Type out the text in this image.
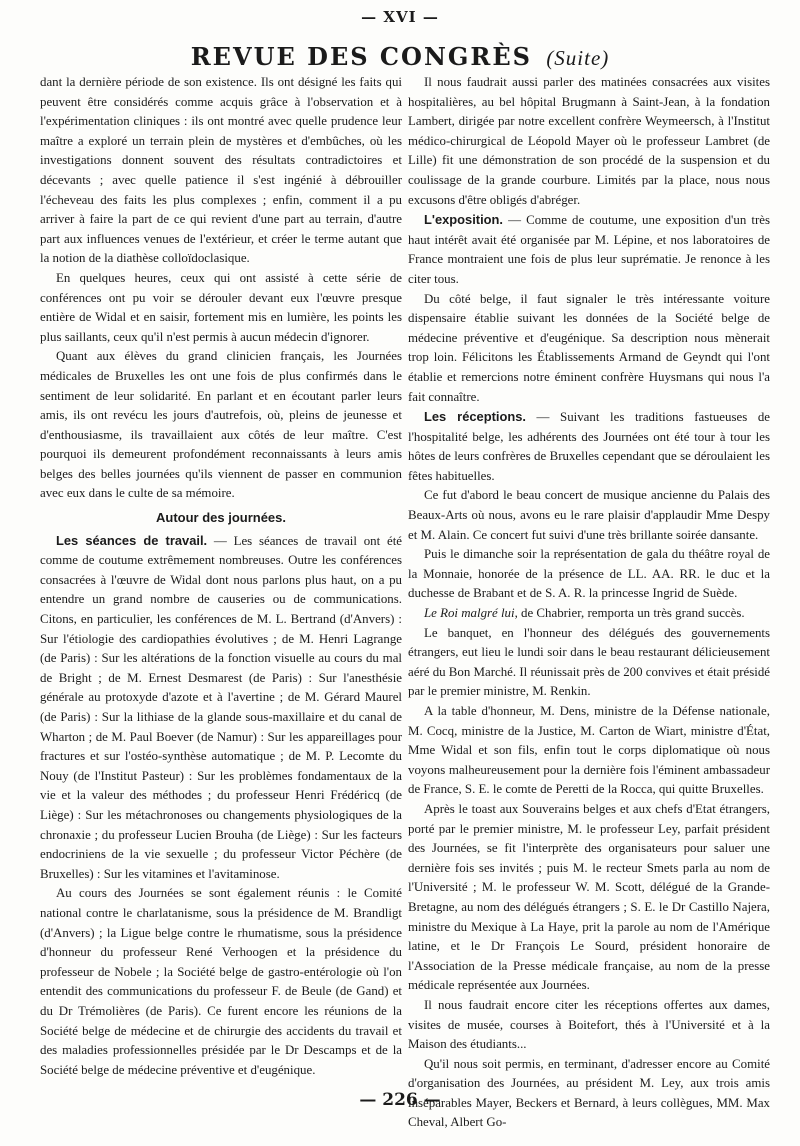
— XVI —
REVUE DES CONGRÈS (Suite)

dant la dernière période de son existence. Ils ont désigné les faits qui peuvent être considérés comme acquis grâce à l'observation et à l'expérimentation cliniques : ils ont montré avec quelle prudence leur maître a exploré un terrain plein de mystères et d'embûches, où les investigations donnent souvent des résultats contradictoires et décevants ; avec quelle patience il s'est ingénié à débrouiller l'écheveau des faits les plus complexes ; enfin, comment il a pu arriver à faire la part de ce qui revient d'une part au terrain, d'autre part aux influences venues de l'extérieur, et créer le terme autant que la notion de la diathèse colloïdoclasique.

En quelques heures, ceux qui ont assisté à cette série de conférences ont pu voir se dérouler devant eux l'œuvre presque entière de Widal et en saisir, fortement mis en lumière, les points les plus saillants, ceux qu'il n'est permis à aucun médecin d'ignorer.

Quant aux élèves du grand clinicien français, les Journées médicales de Bruxelles les ont une fois de plus confirmés dans le sentiment de leur solidarité. En parlant et en écoutant parler leurs amis, ils ont revécu les jours d'autrefois, où, pleins de jeunesse et d'enthousiasme, ils travaillaient aux côtés de leur maître. C'est pourquoi ils demeurent profondément reconnaissants à leurs amis belges des belles journées qu'ils viennent de passer en communion avec eux dans le culte de sa mémoire.

Autour des journées.

Les séances de travail. — Les séances de travail ont été comme de coutume extrêmement nombreuses. Outre les conférences consacrées à l'œuvre de Widal dont nous parlons plus haut, on a pu entendre un grand nombre de causeries ou de communications. Citons, en particulier, les conférences de M. L. Bertrand (d'Anvers) : Sur l'étiologie des cardiopathies évolutives ; de M. Henri Lagrange (de Paris) : Sur les altérations de la fonction visuelle au cours du mal de Bright ; de M. Ernest Desmarest (de Paris) : Sur l'anesthésie générale au protoxyde d'azote et à l'avertine ; de M. Gérard Maurel (de Paris) : Sur la lithiase de la glande sous-maxillaire et du canal de Wharton ; de M. Paul Boever (de Namur) : Sur les appareillages pour fractures et sur l'ostéo-synthèse automatique ; de M. P. Lecomte du Nouy (de l'Institut Pasteur) : Sur les problèmes fondamentaux de la vie et la valeur des méthodes ; du professeur Henri Frédéricq (de Liège) : Sur les métachronoses ou changements physiologiques de la chronaxie ; du professeur Lucien Brouha (de Liège) : Sur les facteurs endocriniens de la vie sexuelle ; du professeur Victor Péchère (de Bruxelles) : Sur les vitamines et l'avitaminose.

Au cours des Journées se sont également réunis : le Comité national contre le charlatanisme, sous la présidence de M. Brandligt (d'Anvers) ; la Ligue belge contre le rhumatisme, sous la présidence d'honneur du professeur René Verhoogen et la présidence du professeur de Nobele ; la Société belge de gastro-entérologie où l'on entendit des communications du professeur F. de Beule (de Gand) et du Dr Trémolières (de Paris). Ce furent encore les réunions de la Société belge de médecine et de chirurgie des accidents du travail et des maladies professionnelles présidée par le Dr Descamps et de la Société belge de médecine préventive et d'eugénique.

Il nous faudrait aussi parler des matinées consacrées aux visites hospitalières, au bel hôpital Brugmann à Saint-Jean, à la fondation Lambert, dirigée par notre excellent confrère Weymeersch, à l'Institut médico-chirurgical de Léopold Mayer où le professeur Lambret (de Lille) fit une démonstration de son procédé de la suspension et du coulissage de la grande courbure. Limités par la place, nous nous excusons d'être obligés d'abréger.

L'exposition. — Comme de coutume, une exposition d'un très haut intérêt avait été organisée par M. Lépine, et nos laboratoires de France montraient une fois de plus leur suprématie. Je renonce à les citer tous.

Du côté belge, il faut signaler le très intéressante voiture dispensaire établie suivant les données de la Société belge de médecine préventive et d'eugénique. Sa description nous mènerait trop loin. Félicitons les Établissements Armand de Geyndt qui l'ont établie et remercions notre éminent confrère Huysmans qui nous l'a fait connaître.

Les réceptions. — Suivant les traditions fastueuses de l'hospitalité belge, les adhérents des Journées ont été tour à tour les hôtes de leurs confrères de Bruxelles cependant que se déroulaient les fêtes habituelles.

Ce fut d'abord le beau concert de musique ancienne du Palais des Beaux-Arts où nous, avons eu le rare plaisir d'applaudir Mme Despy et M. Alain. Ce concert fut suivi d'une très brillante soirée dansante.

Puis le dimanche soir la représentation de gala du théâtre royal de la Monnaie, honorée de la présence de LL. AA. RR. le duc et la duchesse de Brabant et de S. A. R. la princesse Ingrid de Suède.

Le Roi malgré lui, de Chabrier, remporta un très grand succès.

Le banquet, en l'honneur des délégués des gouvernements étrangers, eut lieu le lundi soir dans le beau restaurant délicieusement aéré du Bon Marché. Il réunissait près de 200 convives et était présidé par le premier ministre, M. Renkin.

A la table d'honneur, M. Dens, ministre de la Défense nationale, M. Cocq, ministre de la Justice, M. Carton de Wiart, ministre d'État, Mme Widal et son fils, enfin tout le corps diplomatique où nous voyons malheureusement pour la dernière fois l'éminent ambassadeur de France, S. E. le comte de Peretti de la Rocca, qui quitte Bruxelles.

Après le toast aux Souverains belges et aux chefs d'Etat étrangers, porté par le premier ministre, M. le professeur Ley, parfait président des Journées, se fit l'interprète des organisateurs pour saluer une dernière fois ses invités ; puis M. le recteur Smets parla au nom de l'Université ; M. le professeur W. M. Scott, délégué de la Grande-Bretagne, au nom des délégués étrangers ; S. E. le Dr Castillo Najera, ministre du Mexique à La Haye, prit la parole au nom de l'Amérique latine, et le Dr François Le Sourd, président honoraire de l'Association de la Presse médicale française, au nom de la presse médicale représentée aux Journées.

Il nous faudrait encore citer les réceptions offertes aux dames, visites de musée, courses à Boitefort, thés à l'Université et à la Maison des étudiants...

Qu'il nous soit permis, en terminant, d'adresser encore au Comité d'organisation des Journées, au président M. Ley, aux trois amis inséparables Mayer, Beckers et Bernard, à leurs collègues, MM. Max Cheval, Albert Go-

— 226 —
